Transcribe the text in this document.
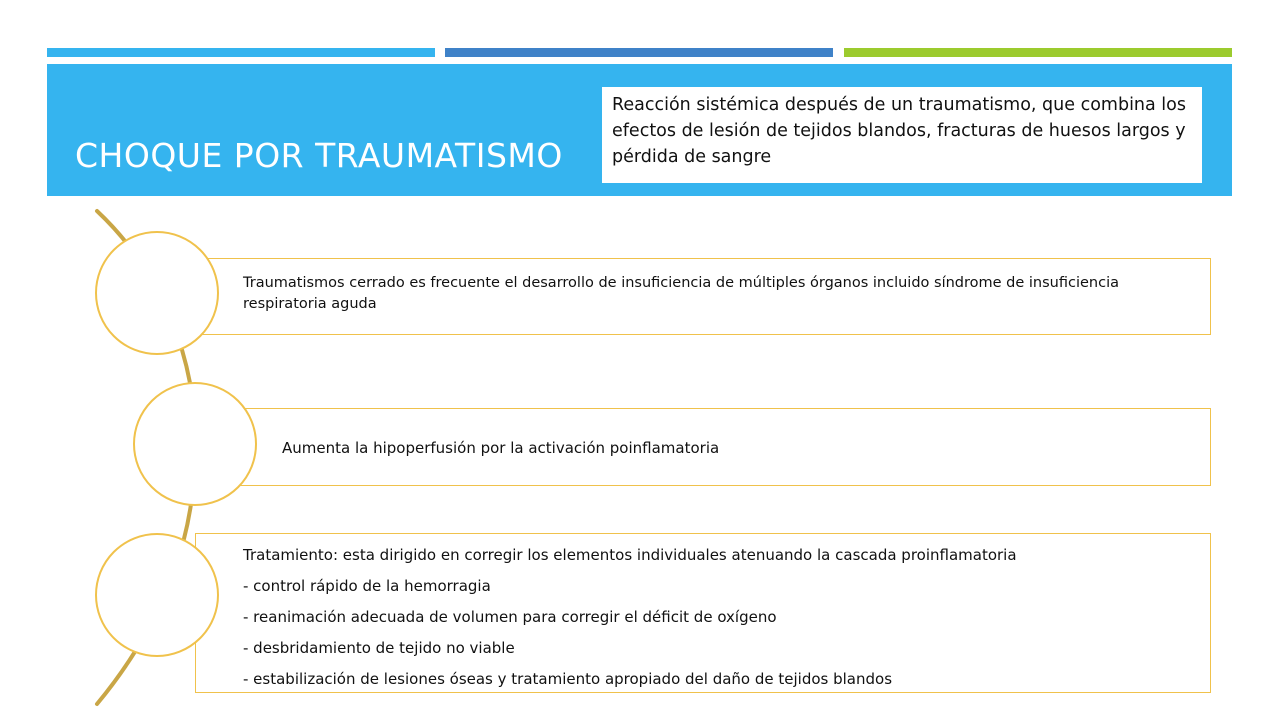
CHOQUE POR TRAUMATISMO
Reacción sistémica después de un traumatismo, que combina los efectos de lesión de tejidos blandos, fracturas de huesos largos y pérdida de sangre
Traumatismos cerrado es frecuente el desarrollo de insuficiencia de múltiples órganos incluido síndrome de insuficiencia respiratoria aguda
Aumenta la hipoperfusión por la activación poinflamatoria
Tratamiento: esta dirigido en corregir los elementos individuales atenuando la cascada proinflamatoria
- control rápido de la hemorragia
- reanimación adecuada de volumen para corregir el déficit de oxígeno
- desbridamiento de tejido no viable
- estabilización de lesiones óseas y tratamiento apropiado del daño de tejidos blandos
